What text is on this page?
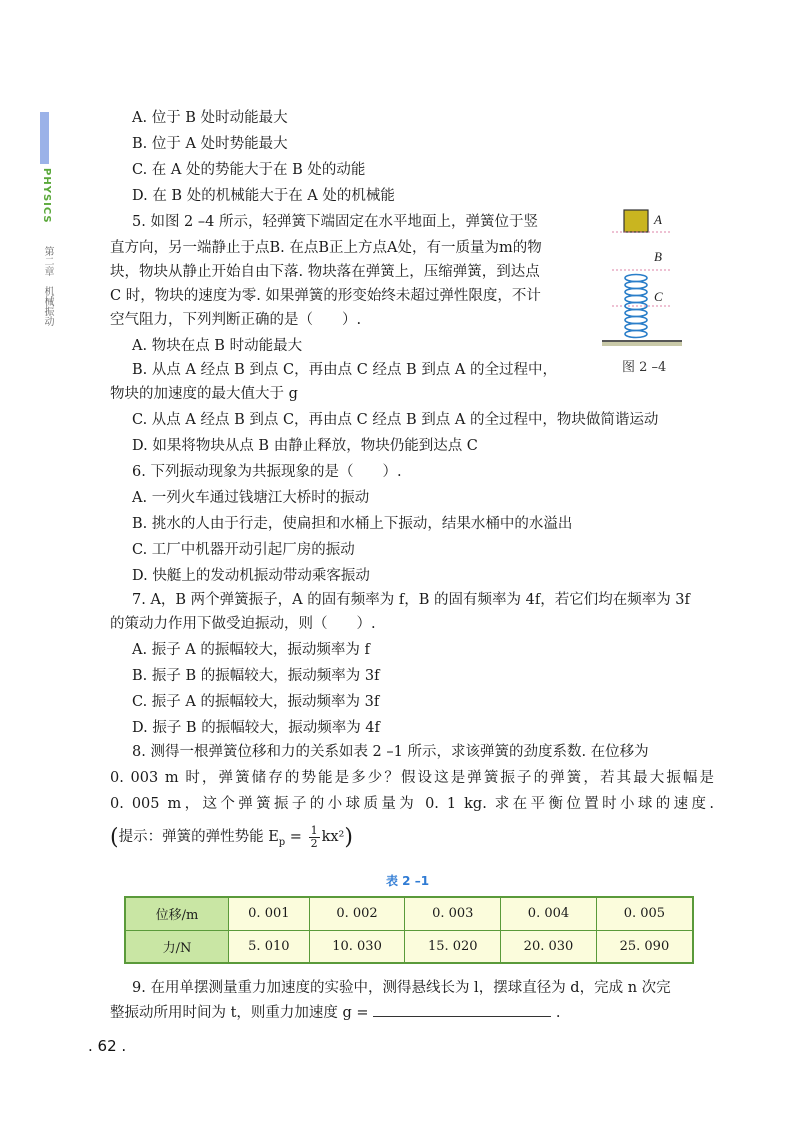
PHYSICS
第二章　机械振动
A. 位于 B 处时动能最大
B. 位于 A 处时势能最大
C. 在 A 处的势能大于在 B 处的动能
D. 在 B 处的机械能大于在 A 处的机械能
5. 如图 2 –4 所示，轻弹簧下端固定在水平地面上，弹簧位于竖
直方向，另一端静止于点B. 在点B正上方点A处，有一质量为m的物
块，物块从静止开始自由下落. 物块落在弹簧上，压缩弹簧，到达点
C 时，物块的速度为零. 如果弹簧的形变始终未超过弹性限度，不计
空气阻力，下列判断正确的是（　　）.
A. 物块在点 B 时动能最大
B. 从点 A 经点 B 到点 C，再由点 C 经点 B 到点 A 的全过程中，
物块的加速度的最大值大于 g
C. 从点 A 经点 B 到点 C，再由点 C 经点 B 到点 A 的全过程中，物块做简谐运动
D. 如果将物块从点 B 由静止释放，物块仍能到达点 C
6. 下列振动现象为共振现象的是（　　）.
A. 一列火车通过钱塘江大桥时的振动
B. 挑水的人由于行走，使扁担和水桶上下振动，结果水桶中的水溢出
C. 工厂中机器开动引起厂房的振动
D. 快艇上的发动机振动带动乘客振动
7. A，B 两个弹簧振子，A 的固有频率为 f，B 的固有频率为 4f，若它们均在频率为 3f
的策动力作用下做受迫振动，则（　　）.
A. 振子 A 的振幅较大，振动频率为 f
B. 振子 B 的振幅较大，振动频率为 3f
C. 振子 A 的振幅较大，振动频率为 3f
D. 振子 B 的振幅较大，振动频率为 4f
8. 测得一根弹簧位移和力的关系如表 2 –1 所示，求该弹簧的劲度系数. 在位移为
0. 003 m 时，弹簧储存的势能是多少？假设这是弹簧振子的弹簧，若其最大振幅是
0. 005 m，这个弹簧振子的小球质量为 0. 1 kg. 求在平衡位置时小球的速度.
(提示：弹簧的弹性势能 $E_p = \frac{1}{2} kx^2$)
A
B
C
图 2 –4
表 2 –1
位移/m	0. 001	0. 002	0. 003	0. 004	0. 005
力/N	5. 010	10. 030	15. 020	20. 030	25. 090
9. 在用单摆测量重力加速度的实验中，测得悬线长为 l，摆球直径为 d，完成 n 次完
整振动所用时间为 t，则重力加速度 g =	.
. 62 .
